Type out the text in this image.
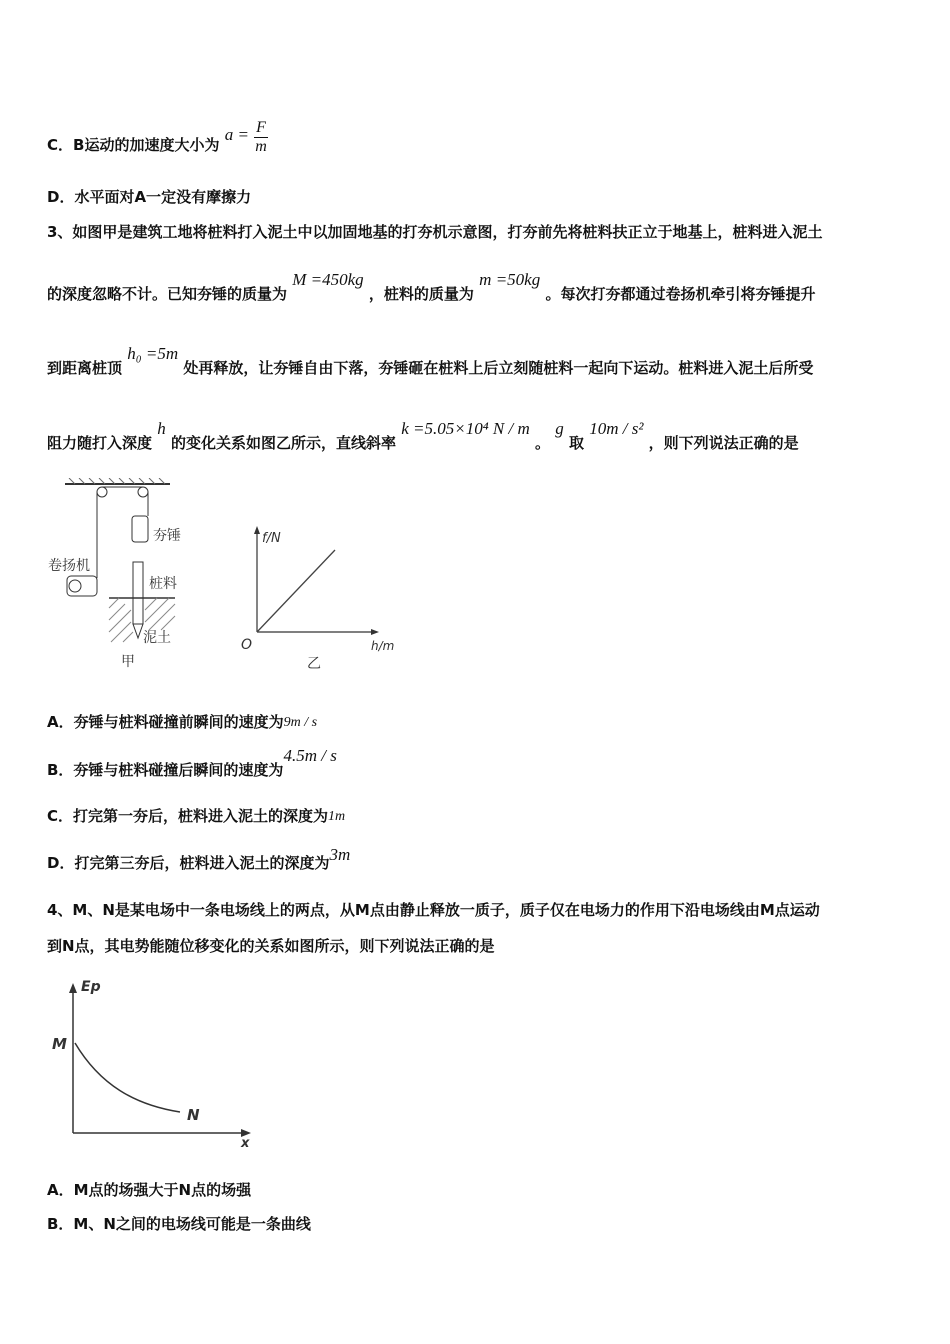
C．B运动的加速度大小为 $a = \frac{F}{m}$
D．水平面对A一定没有摩擦力
3、如图甲是建筑工地将桩料打入泥土中以加固地基的打夯机示意图，打夯前先将桩料扶正立于地基上，桩料进入泥土
的深度忽略不计。已知夯锤的质量为 M =450kg ，桩料的质量为 m =50kg 。每次打夯都通过卷扬机牵引将夯锤提升
到距离桩顶 h₀ =5m 处再释放，让夯锤自由下落，夯锤砸在桩料上后立刻随桩料一起向下运动。桩料进入泥土后所受
阻力随打入深度 h 的变化关系如图乙所示，直线斜率 k =5.05×10⁴ N / m 。 g 取 10m / s² ，则下列说法正确的是
夯锤
卷扬机
桩料
泥土
甲
f/N
h/m
O
乙
A．夯锤与桩料碰撞前瞬间的速度为9m / s
B．夯锤与桩料碰撞后瞬间的速度为4.5m / s
C．打完第一夯后，桩料进入泥土的深度为1m
D．打完第三夯后，桩料进入泥土的深度为3m
4、M、N是某电场中一条电场线上的两点，从M点由静止释放一质子，质子仅在电场力的作用下沿电场线由M点运动
到N点，其电势能随位移变化的关系如图所示，则下列说法正确的是
Ep
x
M
N
A．M点的场强大于N点的场强
B．M、N之间的电场线可能是一条曲线
